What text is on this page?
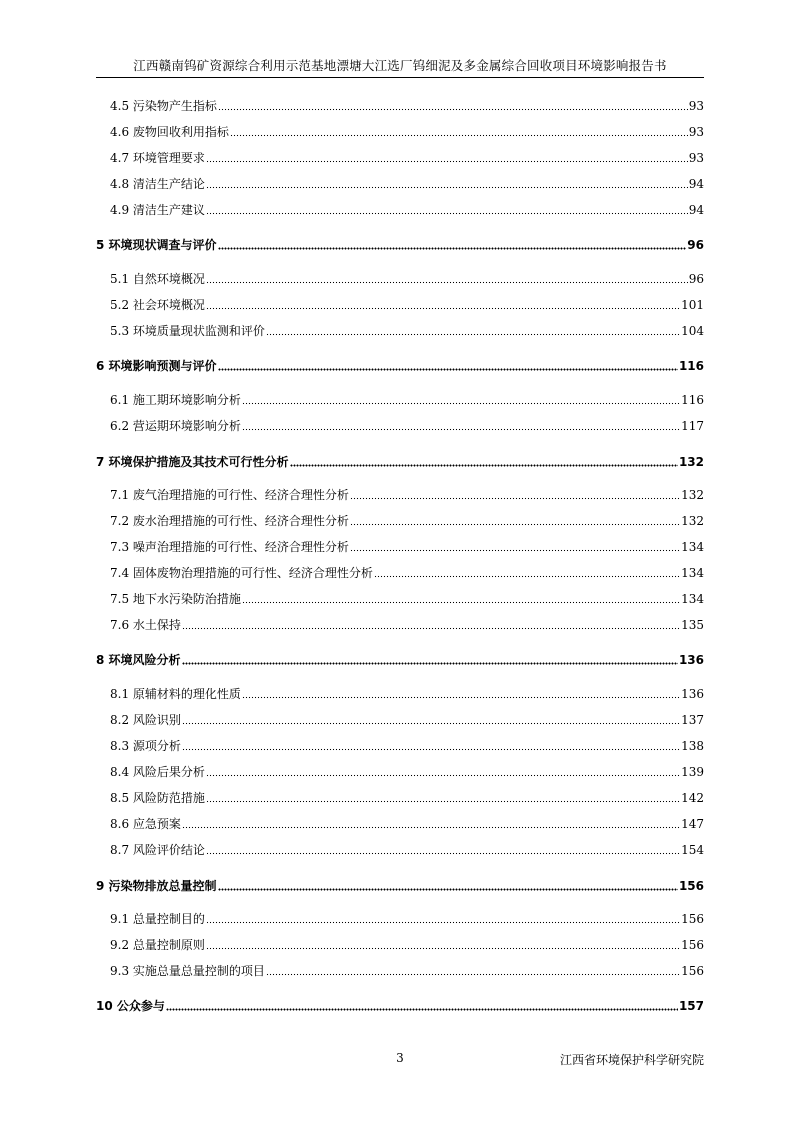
江西赣南钨矿资源综合利用示范基地漂塘大江选厂钨细泥及多金属综合回收项目环境影响报告书
4.5 污染物产生指标	93
4.6 废物回收利用指标	93
4.7 环境管理要求	93
4.8 清洁生产结论	94
4.9 清洁生产建议	94
5 环境现状调查与评价	96
5.1 自然环境概况	96
5.2 社会环境概况	101
5.3 环境质量现状监测和评价	104
6 环境影响预测与评价	116
6.1 施工期环境影响分析	116
6.2 营运期环境影响分析	117
7 环境保护措施及其技术可行性分析	132
7.1 废气治理措施的可行性、经济合理性分析	132
7.2 废水治理措施的可行性、经济合理性分析	132
7.3 噪声治理措施的可行性、经济合理性分析	134
7.4 固体废物治理措施的可行性、经济合理性分析	134
7.5 地下水污染防治措施	134
7.6 水土保持	135
8 环境风险分析	136
8.1 原辅材料的理化性质	136
8.2 风险识别	137
8.3 源项分析	138
8.4 风险后果分析	139
8.5 风险防范措施	142
8.6 应急预案	147
8.7 风险评价结论	154
9 污染物排放总量控制	156
9.1 总量控制目的	156
9.2 总量控制原则	156
9.3 实施总量总量控制的项目	156
10 公众参与	157
3	江西省环境保护科学研究院
